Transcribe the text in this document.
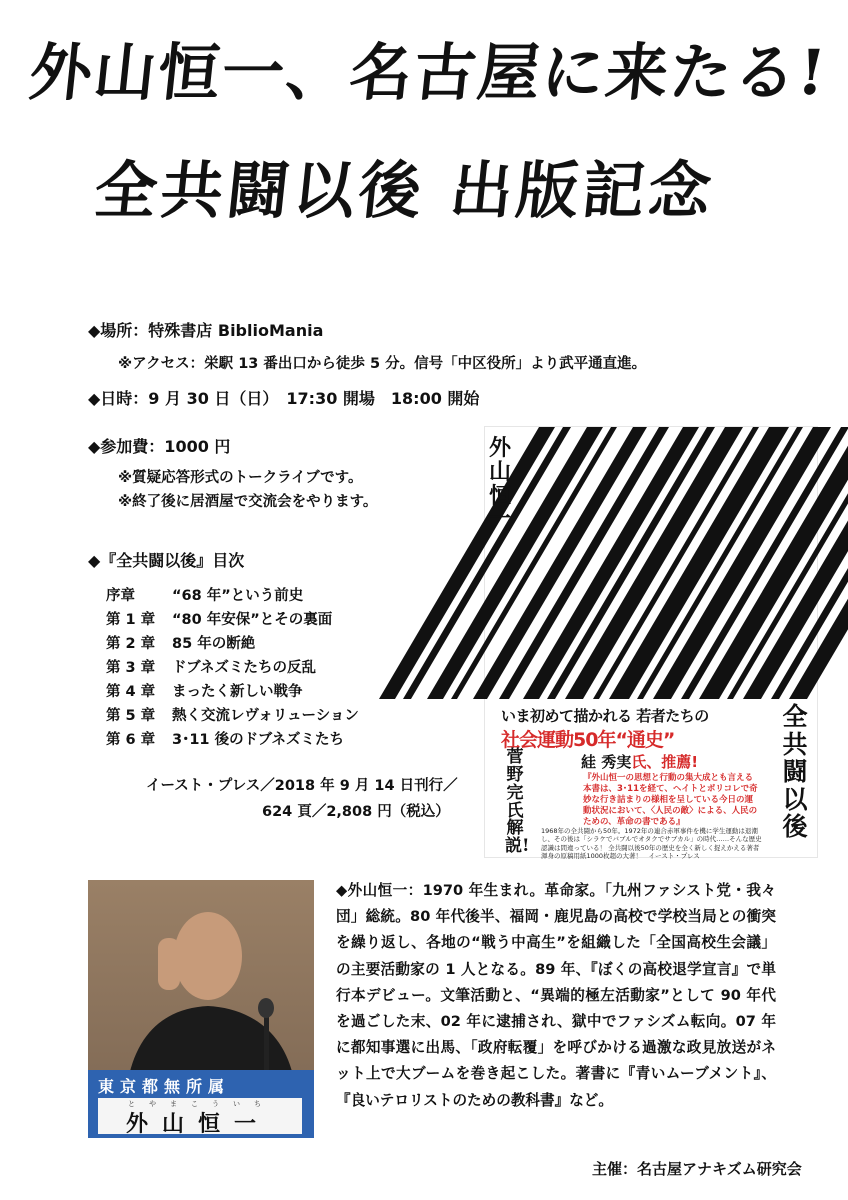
外山恒一、名古屋に来たる!
全共闘以後 出版記念
◆場所：特殊書店 BiblioMania
※アクセス：栄駅 13 番出口から徒歩 5 分。信号「中区役所」より武平通直進。
◆日時：9 月 30 日（日）　17:30 開場　18:00 開始
◆参加費：1000 円
※質疑応答形式のトークライブです。
※終了後に居酒屋で交流会をやります。
◆『全共闘以後』目次
序章	“68 年”という前史
第 1 章 “80 年安保”とその裏面
第 2 章 85 年の断絶
第 3 章 ドブネズミたちの反乱
第 4 章 まったく新しい戦争
第 5 章 熱く交流レヴォリューション
第 6 章 3･11 後のドブネズミたち
イースト・プレス／2018 年 9 月 14 日刊行／
624 頁／2,808 円（税込）
外山恒一
いま初めて描かれる 若者たちの
社会運動50年“通史”
絓 秀実氏、推薦!
菅野完氏解説!
『外山恒一の思想と行動の集大成とも言える本書は、3･11を経て、ヘイトとポリコレで奇妙な行き詰まりの様相を呈している今日の運動状況において、〈人民の敵〉による、人民のための、革命の書である』
1968年の全共闘から50年。1972年の連合赤軍事件を機に学生運動は退潮し、その後は「シラケでバブルでオタクでサブカル」の時代……そんな歴史認識は間違っている！ 全共闘以後50年の歴史を全く新しく捉えかえる著者渾身の原稿用紙1000枚超の大著！　イースト・プレス
全共闘以後
東京都無所属
とやまこういち
外山恒一
◆外山恒一：1970 年生まれ。革命家。「九州ファシスト党・我々団」総統。80 年代後半、福岡・鹿児島の高校で学校当局との衝突を繰り返し、各地の“戦う中高生”を組織した「全国高校生会議」の主要活動家の 1 人となる。89 年、『ぼくの高校退学宣言』で単行本デビュー。文筆活動と、“異端的極左活動家”として 90 年代を過ごした末、02 年に逮捕され、獄中でファシズム転向。07 年に都知事選に出馬、「政府転覆」を呼びかける過激な政見放送がネット上で大ブームを巻き起こした。著書に『青いムーブメント』、『良いテロリストのための教科書』など。
主催：名古屋アナキズム研究会
